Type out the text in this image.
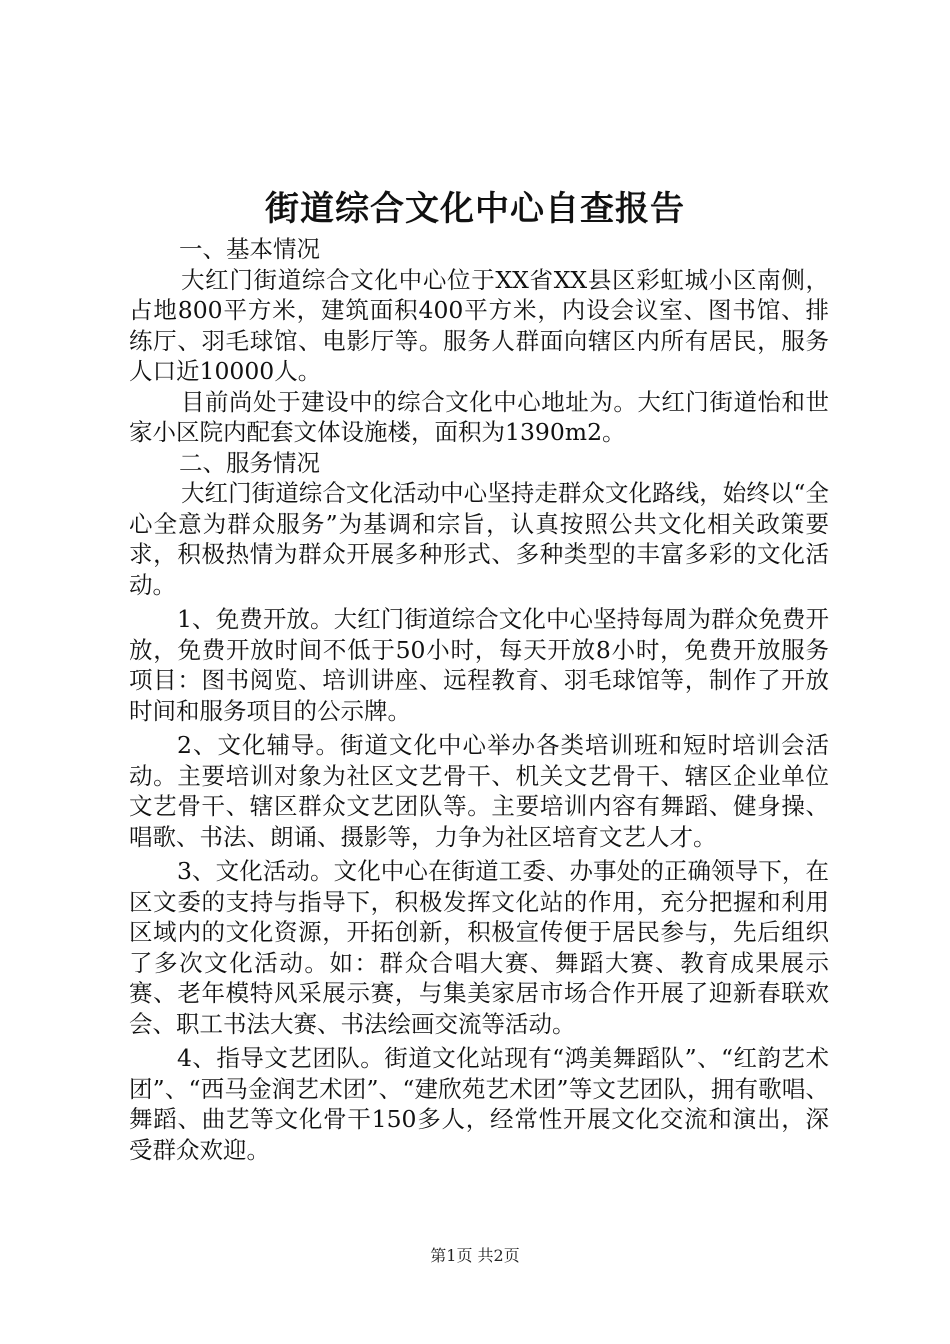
街道综合文化中心自查报告

一、基本情况

大红门街道综合文化中心位于XX省XX县区彩虹城小区南侧，占地800平方米，建筑面积400平方米，内设会议室、图书馆、排练厅、羽毛球馆、电影厅等。服务人群面向辖区内所有居民，服务人口近10000人。

目前尚处于建设中的综合文化中心地址为。大红门街道怡和世家小区院内配套文体设施楼，面积为1390m2。

二、服务情况

大红门街道综合文化活动中心坚持走群众文化路线，始终以“全心全意为群众服务”为基调和宗旨，认真按照公共文化相关政策要求，积极热情为群众开展多种形式、多种类型的丰富多彩的文化活动。

1、免费开放。大红门街道综合文化中心坚持每周为群众免费开放，免费开放时间不低于50小时，每天开放8小时，免费开放服务项目：图书阅览、培训讲座、远程教育、羽毛球馆等，制作了开放时间和服务项目的公示牌。

2、文化辅导。街道文化中心举办各类培训班和短时培训会活动。主要培训对象为社区文艺骨干、机关文艺骨干、辖区企业单位文艺骨干、辖区群众文艺团队等。主要培训内容有舞蹈、健身操、唱歌、书法、朗诵、摄影等，力争为社区培育文艺人才。

3、文化活动。文化中心在街道工委、办事处的正确领导下，在区文委的支持与指导下，积极发挥文化站的作用，充分把握和利用区域内的文化资源，开拓创新，积极宣传便于居民参与，先后组织了多次文化活动。如：群众合唱大赛、舞蹈大赛、教育成果展示赛、老年模特风采展示赛，与集美家居市场合作开展了迎新春联欢会、职工书法大赛、书法绘画交流等活动。

4、指导文艺团队。街道文化站现有“鸿美舞蹈队”、“红韵艺术团”、“西马金润艺术团”、“建欣苑艺术团”等文艺团队，拥有歌唱、舞蹈、曲艺等文化骨干150多人，经常性开展文化交流和演出，深受群众欢迎。

第1页 共2页
